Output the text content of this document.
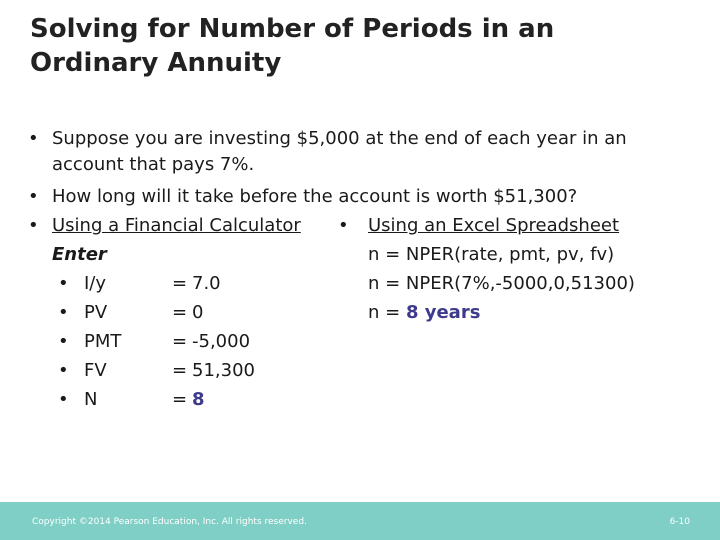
Solving for Number of Periods in an Ordinary Annuity
• Suppose you are investing $5,000 at the end of each year in an account that pays 7%.
• How long will it take before the account is worth $51,300?
• Using a Financial Calculator
Enter
• I/y	= 7.0
• PV	= 0
• PMT	= -5,000
• FV	= 51,300
• N	= 8
• Using an Excel Spreadsheet
n = NPER(rate, pmt, pv, fv)
n = NPER(7%,-5000,0,51300)
n = 8 years
Copyright ©2014 Pearson Education, Inc. All rights reserved.	6-10
